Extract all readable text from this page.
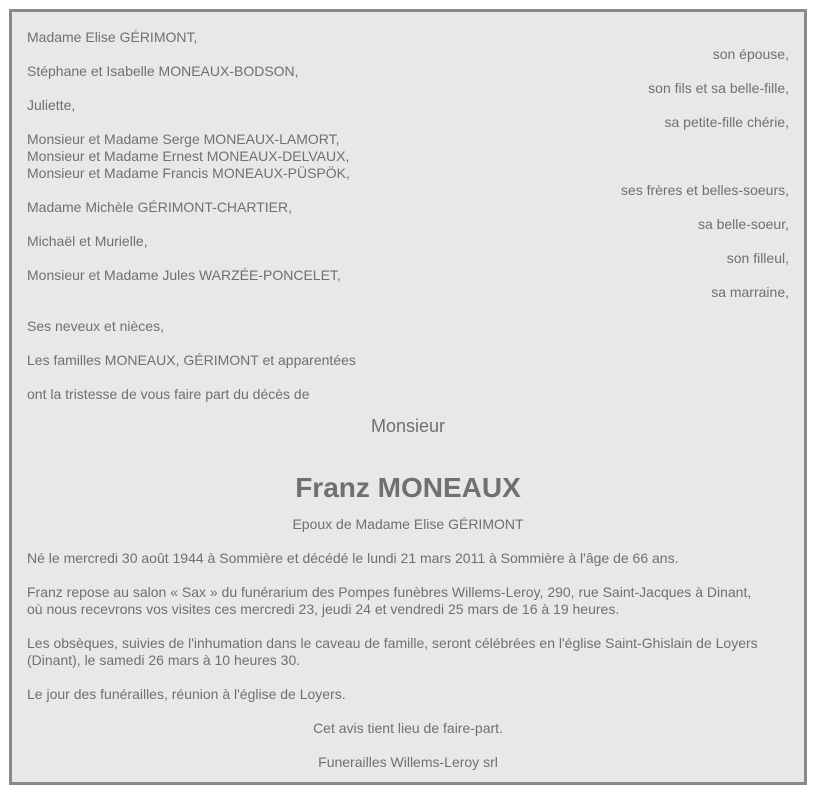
Madame Elise GÉRIMONT,
son épouse,
Stéphane et Isabelle MONEAUX-BODSON,
son fils et sa belle-fille,
Juliette,
sa petite-fille chérie,
Monsieur et Madame Serge MONEAUX-LAMORT,
Monsieur et Madame Ernest MONEAUX-DELVAUX,
Monsieur et Madame Francis MONEAUX-PÜSPÖK,
ses frères et belles-soeurs,
Madame Michèle GÉRIMONT-CHARTIER,
sa belle-soeur,
Michaël et Murielle,
son filleul,
Monsieur et Madame Jules WARZÉE-PONCELET,
sa marraine,
Ses neveux et nièces,
Les familles MONEAUX, GÉRIMONT et apparentées
ont la tristesse de vous faire part du décès de
Monsieur
Franz MONEAUX
Epoux de Madame Elise GÉRIMONT
Né le mercredi 30 août 1944 à Sommière et décédé le lundi 21 mars 2011 à Sommière à l'âge de 66 ans.
Franz repose au salon « Sax » du funérarium des Pompes funèbres Willems-Leroy, 290, rue Saint-Jacques à Dinant,
où nous recevrons vos visites ces mercredi 23, jeudi 24 et vendredi 25 mars de 16 à 19 heures.
Les obsèques, suivies de l'inhumation dans le caveau de famille, seront célébrées en l'église Saint-Ghislain de Loyers
(Dinant), le samedi 26 mars à 10 heures 30.
Le jour des funérailles, réunion à l'église de Loyers.
Cet avis tient lieu de faire-part.
Funerailles Willems-Leroy srl
